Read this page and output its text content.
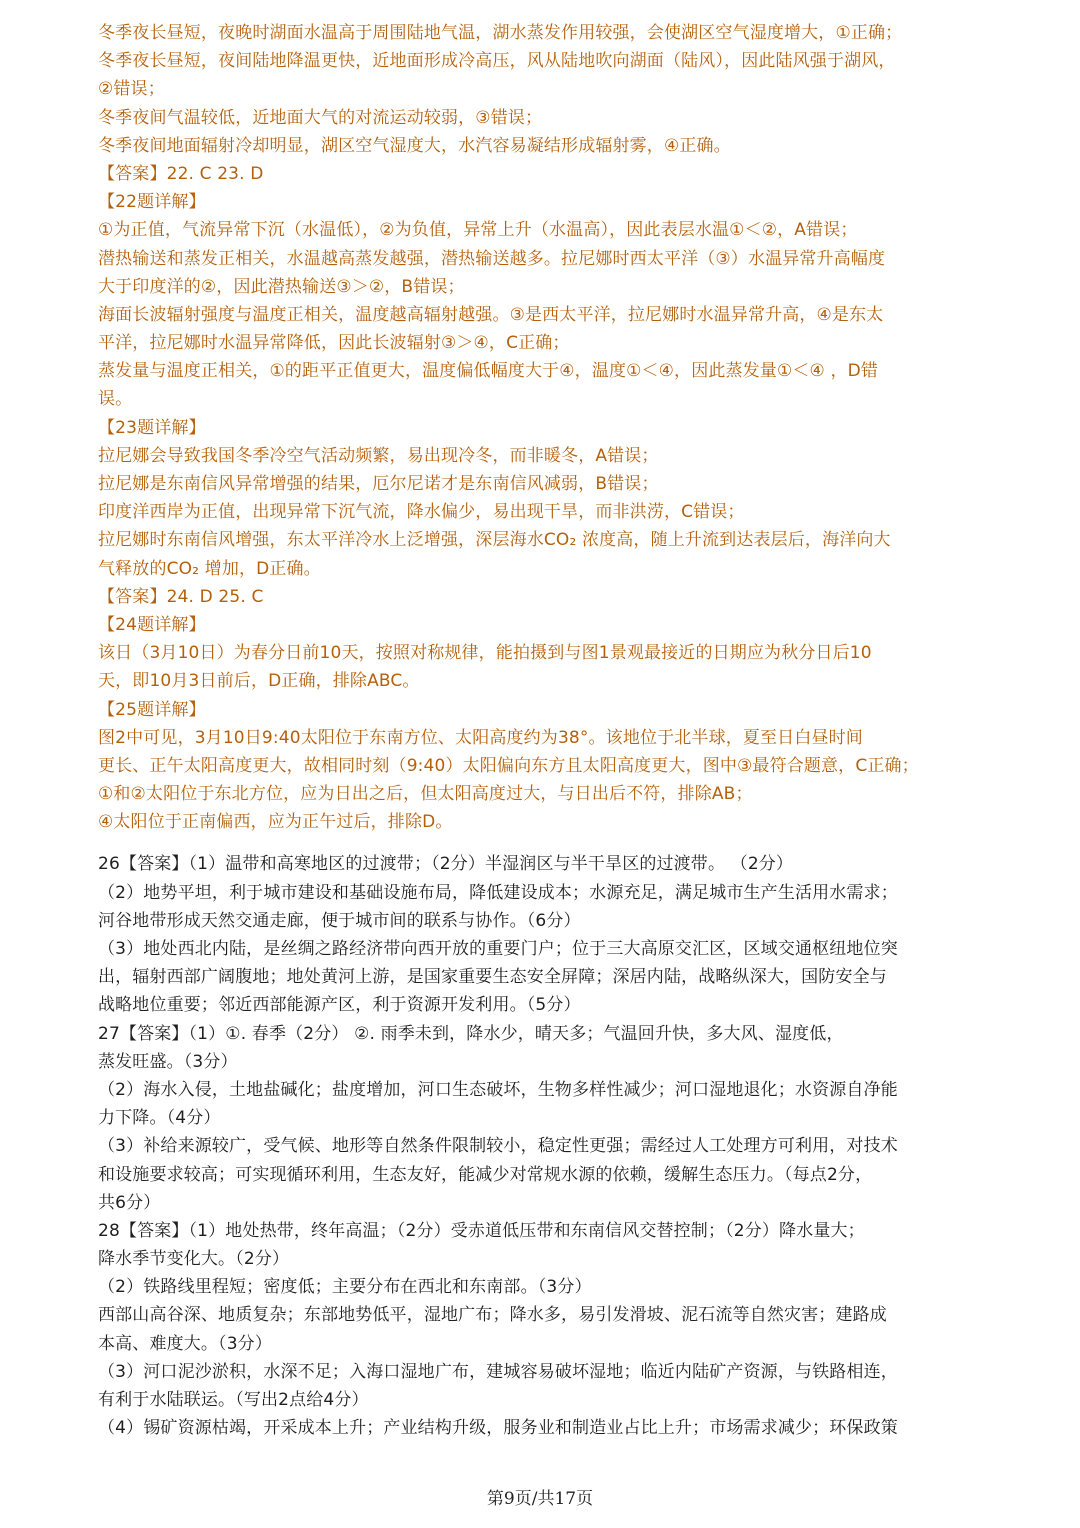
冬季夜长昼短，夜晚时湖面水温高于周围陆地气温，湖水蒸发作用较强，会使湖区空气湿度增大，①正确；
冬季夜长昼短，夜间陆地降温更快，近地面形成冷高压，风从陆地吹向湖面（陆风），因此陆风强于湖风，
②错误；
冬季夜间气温较低，近地面大气的对流运动较弱，③错误；
冬季夜间地面辐射冷却明显，湖区空气湿度大，水汽容易凝结形成辐射雾，④正确。
【答案】22. C 23. D
【22题详解】
①为正值，气流异常下沉（水温低），②为负值，异常上升（水温高），因此表层水温①＜②，A错误；
潜热输送和蒸发正相关，水温越高蒸发越强，潜热输送越多。拉尼娜时西太平洋（③）水温异常升高幅度
大于印度洋的②，因此潜热输送③＞②，B错误；
海面长波辐射强度与温度正相关，温度越高辐射越强。③是西太平洋，拉尼娜时水温异常升高，④是东太
平洋，拉尼娜时水温异常降低，因此长波辐射③＞④，C正确；
蒸发量与温度正相关，①的距平正值更大，温度偏低幅度大于④，温度①＜④，因此蒸发量①＜④ ，D错
误。
【23题详解】
拉尼娜会导致我国冬季冷空气活动频繁，易出现冷冬，而非暖冬，A错误；
拉尼娜是东南信风异常增强的结果，厄尔尼诺才是东南信风减弱，B错误；
印度洋西岸为正值，出现异常下沉气流，降水偏少，易出现干旱，而非洪涝，C错误；
拉尼娜时东南信风增强，东太平洋冷水上泛增强，深层海水CO₂ 浓度高，随上升流到达表层后，海洋向大
气释放的CO₂ 增加，D正确。
【答案】24. D 25. C
【24题详解】
该日（3月10日）为春分日前10天，按照对称规律，能拍摄到与图1景观最接近的日期应为秋分日后10
天，即10月3日前后，D正确，排除ABC。
【25题详解】
图2中可见，3月10日9:40太阳位于东南方位、太阳高度约为38°。该地位于北半球，夏至日白昼时间
更长、正午太阳高度更大，故相同时刻（9:40）太阳偏向东方且太阳高度更大，图中③最符合题意，C正确；
①和②太阳位于东北方位，应为日出之后，但太阳高度过大，与日出后不符，排除AB；
④太阳位于正南偏西，应为正午过后，排除D。
26【答案】（1）温带和高寒地区的过渡带；（2分）半湿润区与半干旱区的过渡带。 （2分）
（2）地势平坦，利于城市建设和基础设施布局，降低建设成本；水源充足，满足城市生产生活用水需求；
河谷地带形成天然交通走廊，便于城市间的联系与协作。（6分）
（3）地处西北内陆，是丝绸之路经济带向西开放的重要门户；位于三大高原交汇区，区域交通枢纽地位突
出，辐射西部广阔腹地；地处黄河上游，是国家重要生态安全屏障；深居内陆，战略纵深大，国防安全与
战略地位重要；邻近西部能源产区，利于资源开发利用。（5分）
27【答案】（1）①. 春季（2分） ②. 雨季未到，降水少，晴天多；气温回升快，多大风、湿度低，
蒸发旺盛。（3分）
（2）海水入侵，土地盐碱化；盐度增加，河口生态破坏，生物多样性减少；河口湿地退化；水资源自净能
力下降。（4分）
（3）补给来源较广，受气候、地形等自然条件限制较小，稳定性更强；需经过人工处理方可利用，对技术
和设施要求较高；可实现循环利用，生态友好，能减少对常规水源的依赖，缓解生态压力。（每点2分，
共6分）
28【答案】（1）地处热带，终年高温；（2分）受赤道低压带和东南信风交替控制；（2分）降水量大；
降水季节变化大。（2分）
（2）铁路线里程短；密度低；主要分布在西北和东南部。（3分）
西部山高谷深、地质复杂；东部地势低平，湿地广布；降水多，易引发滑坡、泥石流等自然灾害；建路成
本高、难度大。（3分）
（3）河口泥沙淤积，水深不足；入海口湿地广布，建城容易破坏湿地；临近内陆矿产资源，与铁路相连，
有利于水陆联运。（写出2点给4分）
（4）锡矿资源枯竭，开采成本上升；产业结构升级，服务业和制造业占比上升；市场需求减少；环保政策
第9页/共17页
